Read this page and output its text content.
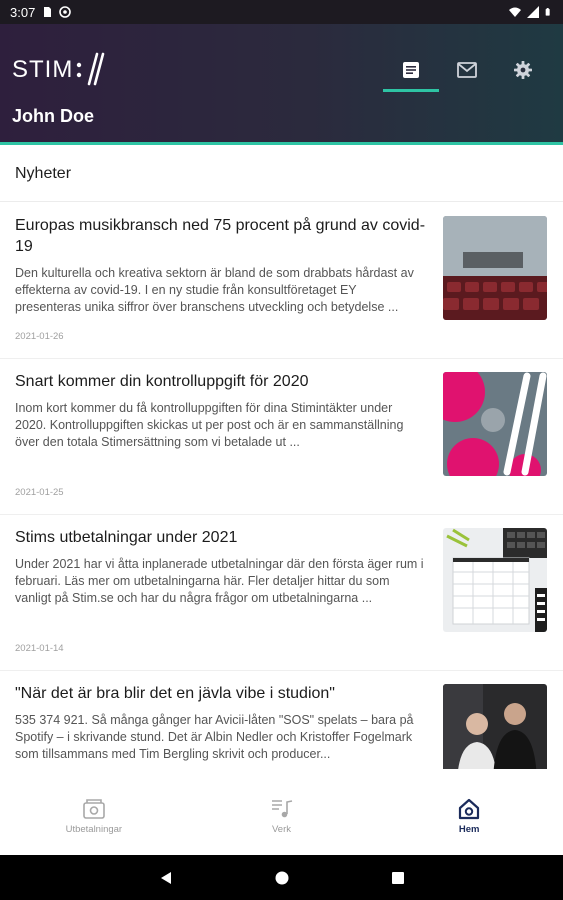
3:07
STIM
John Doe
Nyheter
Europas musikbransch ned 75 procent på grund av covid-19
Den kulturella och kreativa sektorn är bland de som drabbats hårdast av effekterna av covid-19. I en ny studie från konsultföretaget EY presenteras unika siffror över branschens utveckling och betydelse ...
2021-01-26
Snart kommer din kontrolluppgift för 2020
Inom kort kommer du få kontrolluppgiften för dina Stimintäkter under 2020. Kontrolluppgiften skickas ut per post och är en sammanställning över den totala Stimersättning som vi betalade ut ...
2021-01-25
Stims utbetalningar under 2021
Under 2021 har vi åtta inplanerade utbetalningar där den första äger rum i februari. Läs mer om utbetalningarna här. Fler detaljer hittar du som vanligt på Stim.se och har du några frågor om utbetalningarna ...
2021-01-14
"När det är bra blir det en jävla vibe i studion"
535 374 921. Så många gånger har Avicii-låten "SOS" spelats – bara på Spotify – i skrivande stund. Det är Albin Nedler och Kristoffer Fogelmark som tillsammans med Tim Bergling skrivit och producer...
Utbetalningar	Verk	Hem
